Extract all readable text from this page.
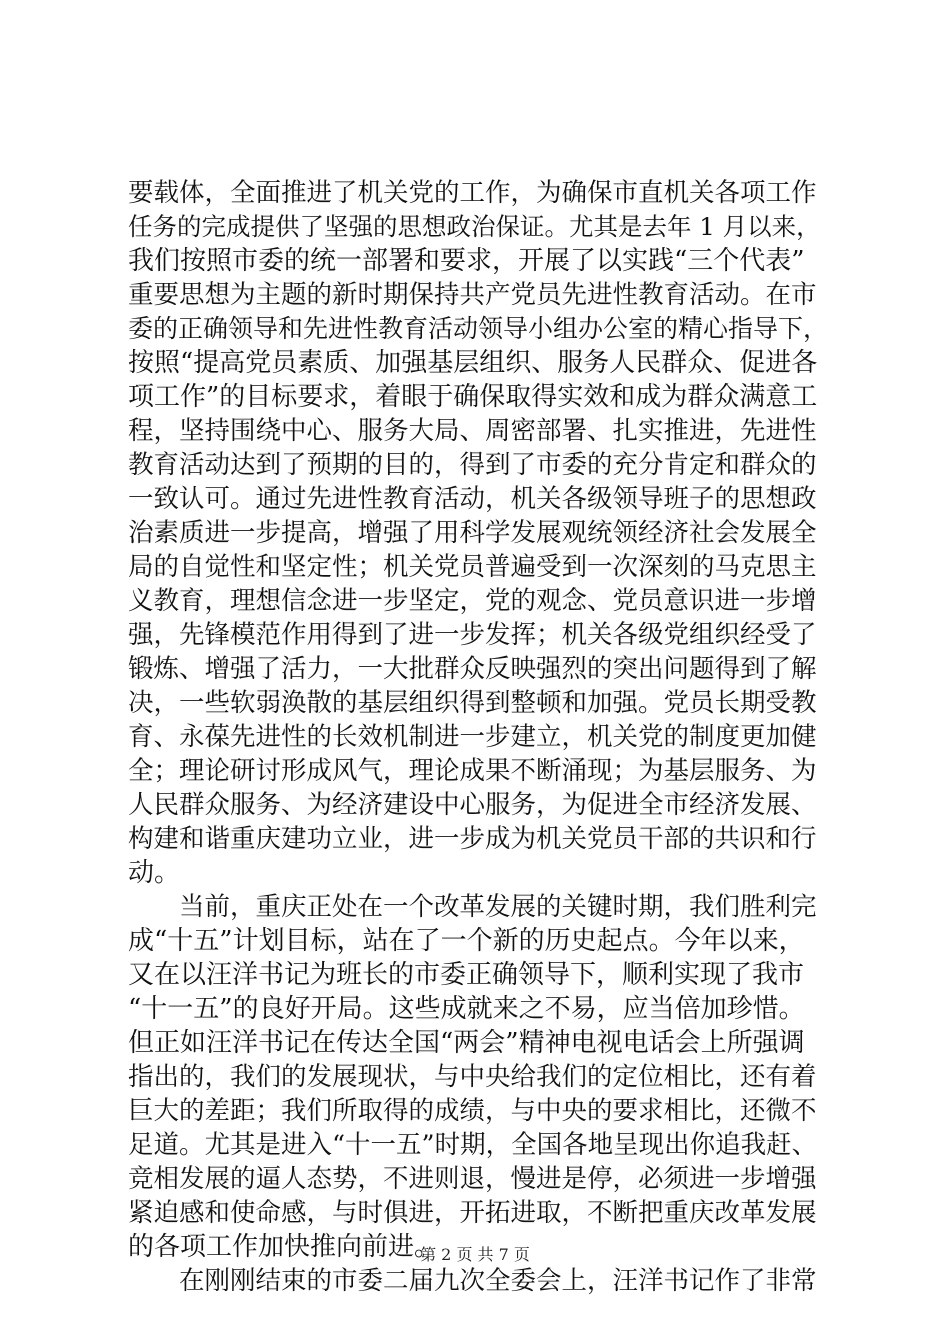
要载体，全面推进了机关党的工作，为确保市直机关各项工作
任务的完成提供了坚强的思想政治保证。尤其是去年 1 月以来，
我们按照市委的统一部署和要求，开展了以实践“三个代表”
重要思想为主题的新时期保持共产党员先进性教育活动。在市
委的正确领导和先进性教育活动领导小组办公室的精心指导下，
按照“提高党员素质、加强基层组织、服务人民群众、促进各
项工作”的目标要求，着眼于确保取得实效和成为群众满意工
程，坚持围绕中心、服务大局、周密部署、扎实推进，先进性
教育活动达到了预期的目的，得到了市委的充分肯定和群众的
一致认可。通过先进性教育活动，机关各级领导班子的思想政
治素质进一步提高，增强了用科学发展观统领经济社会发展全
局的自觉性和坚定性；机关党员普遍受到一次深刻的马克思主
义教育，理想信念进一步坚定，党的观念、党员意识进一步增
强，先锋模范作用得到了进一步发挥；机关各级党组织经受了
锻炼、增强了活力，一大批群众反映强烈的突出问题得到了解
决，一些软弱涣散的基层组织得到整顿和加强。党员长期受教
育、永葆先进性的长效机制进一步建立，机关党的制度更加健
全；理论研讨形成风气，理论成果不断涌现；为基层服务、为
人民群众服务、为经济建设中心服务，为促进全市经济发展、
构建和谐重庆建功立业，进一步成为机关党员干部的共识和行
动。
　　当前，重庆正处在一个改革发展的关键时期，我们胜利完
成“十五”计划目标，站在了一个新的历史起点。今年以来，
又在以汪洋书记为班长的市委正确领导下，顺利实现了我市
“十一五”的良好开局。这些成就来之不易，应当倍加珍惜。
但正如汪洋书记在传达全国“两会”精神电视电话会上所强调
指出的，我们的发展现状，与中央给我们的定位相比，还有着
巨大的差距；我们所取得的成绩，与中央的要求相比，还微不
足道。尤其是进入“十一五”时期，全国各地呈现出你追我赶、
竞相发展的逼人态势，不进则退，慢进是停，必须进一步增强
紧迫感和使命感，与时俱进，开拓进取，不断把重庆改革发展
的各项工作加快推向前进。
　　在刚刚结束的市委二届九次全委会上，汪洋书记作了非常
第 2 页 共 7 页
